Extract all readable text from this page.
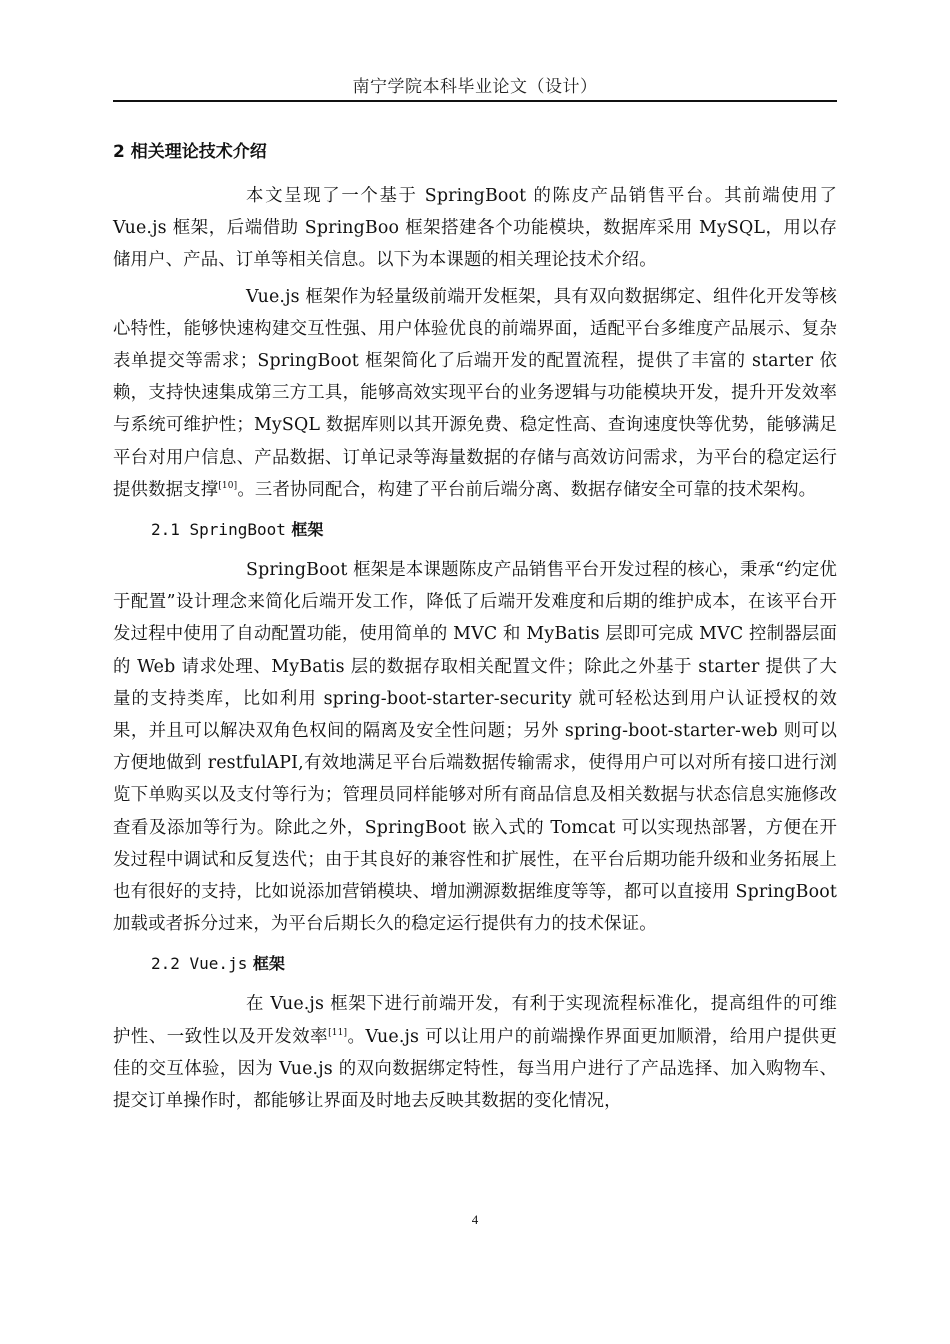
南宁学院本科毕业论文（设计）
2 相关理论技术介绍

本文呈现了一个基于 SpringBoot 的陈皮产品销售平台。其前端使用了 Vue.js 框架，后端借助 SpringBoo 框架搭建各个功能模块，数据库采用 MySQL，用以存储用户、产品、订单等相关信息。以下为本课题的相关理论技术介绍。

Vue.js 框架作为轻量级前端开发框架，具有双向数据绑定、组件化开发等核心特性，能够快速构建交互性强、用户体验优良的前端界面，适配平台多维度产品展示、复杂表单提交等需求；SpringBoot 框架简化了后端开发的配置流程，提供了丰富的 starter 依赖，支持快速集成第三方工具，能够高效实现平台的业务逻辑与功能模块开发，提升开发效率与系统可维护性；MySQL 数据库则以其开源免费、稳定性高、查询速度快等优势，能够满足平台对用户信息、产品数据、订单记录等海量数据的存储与高效访问需求，为平台的稳定运行提供数据支撑[10]。三者协同配合，构建了平台前后端分离、数据存储安全可靠的技术架构。

2.1 SpringBoot 框架

SpringBoot 框架是本课题陈皮产品销售平台开发过程的核心，秉承“约定优于配置”设计理念来简化后端开发工作，降低了后端开发难度和后期的维护成本，在该平台开发过程中使用了自动配置功能，使用简单的 MVC 和 MyBatis 层即可完成 MVC 控制器层面的 Web 请求处理、MyBatis 层的数据存取相关配置文件；除此之外基于 starter 提供了大量的支持类库，比如利用 spring-boot-starter-security 就可轻松达到用户认证授权的效果，并且可以解决双角色权间的隔离及安全性问题；另外 spring-boot-starter-web 则可以方便地做到 restfulAPI,有效地满足平台后端数据传输需求，使得用户可以对所有接口进行浏览下单购买以及支付等行为；管理员同样能够对所有商品信息及相关数据与状态信息实施修改查看及添加等行为。除此之外，SpringBoot 嵌入式的 Tomcat 可以实现热部署，方便在开发过程中调试和反复迭代；由于其良好的兼容性和扩展性，在平台后期功能升级和业务拓展上也有很好的支持，比如说添加营销模块、增加溯源数据维度等等，都可以直接用 SpringBoot 加载或者拆分过来，为平台后期长久的稳定运行提供有力的技术保证。

2.2 Vue.js 框架

在 Vue.js 框架下进行前端开发，有利于实现流程标准化，提高组件的可维护性、一致性以及开发效率[11]。Vue.js 可以让用户的前端操作界面更加顺滑，给用户提供更佳的交互体验，因为 Vue.js 的双向数据绑定特性，每当用户进行了产品选择、加入购物车、提交订单操作时，都能够让界面及时地去反映其数据的变化情况，

4
